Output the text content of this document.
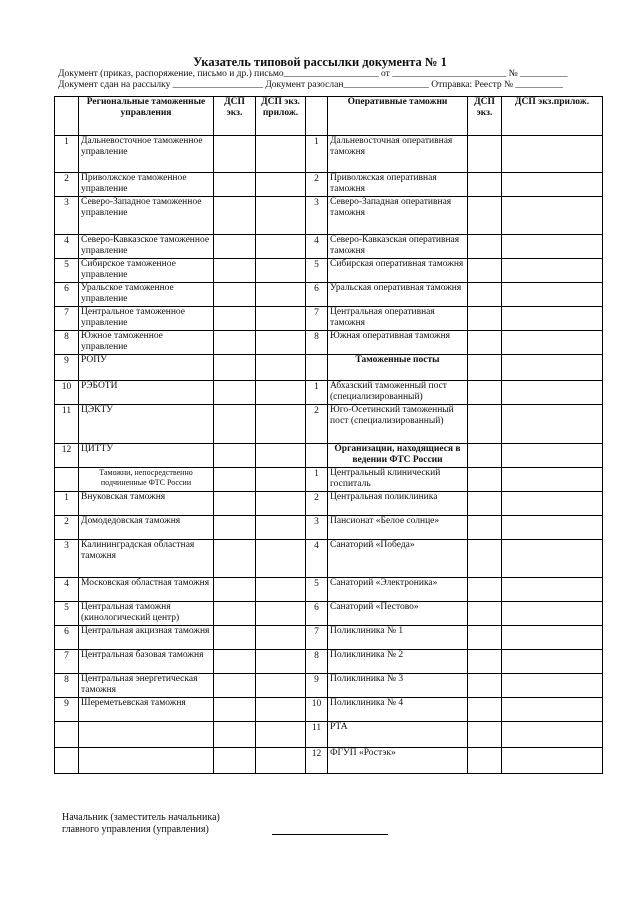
Указатель типовой рассылки документа № 1
Документ (приказ, распоряжение, письмо и др.) письмо____________________ от ________________________ № __________
Документ сдан на рассылку ___________________ Документ разослан__________________ Отправка: Реестр № __________
	Региональные таможенные управления	ДСП экз.	ДСП экз. прилож.		Оперативные таможни	ДСП экз.	ДСП экз.прилож.
1	Дальневосточное таможенное управление			1	Дальневосточная оперативная таможня		
2	Приволжское таможенное управление			2	Приволжская оперативная таможня		
3	Северо-Западное таможенное управление			3	Северо-Западная оперативная таможня		
4	Северо-Кавказское таможенное управление			4	Северо-Кавказская оперативная таможня		
5	Сибирское таможенное управление			5	Сибирская оперативная таможня		
6	Уральское таможенное управление			6	Уральская оперативная таможня		
7	Центральное таможенное управление			7	Центральная оперативная таможня		
8	Южное таможенное управление			8	Южная оперативная таможня		
9	РОПУ				Таможенные посты		
10	РЭБОТИ			1	Абхазский таможенный пост (специализированный)		
11	ЦЭКТУ			2	Юго-Осетинский таможенный пост (специализированный)		
12	ЦИТТУ				Организации, находящиеся в ведении ФТС России		
	Таможни, непосредственно подчиненные ФТС России			1	Центральный клинический госпиталь		
1	Внуковская таможня			2	Центральная поликлиника		
2	Домодедовская таможня			3	Пансионат «Белое солнце»		
3	Калининградская областная таможня			4	Санаторий «Победа»		
4	Московская областная таможня			5	Санаторий «Электроника»		
5	Центральная таможня (кинологический центр)			6	Санаторий «Пестово»		
6	Центральная акцизная таможня			7	Поликлиника № 1		
7	Центральная базовая таможня			8	Поликлиника № 2		
8	Центральная энергетическая таможня			9	Поликлиника № 3		
9	Шереметьевская таможня			10	Поликлиника № 4		
				11	РТА		
				12	ФГУП «Ростэк»		
Начальник (заместитель начальника)
главного управления (управления)
